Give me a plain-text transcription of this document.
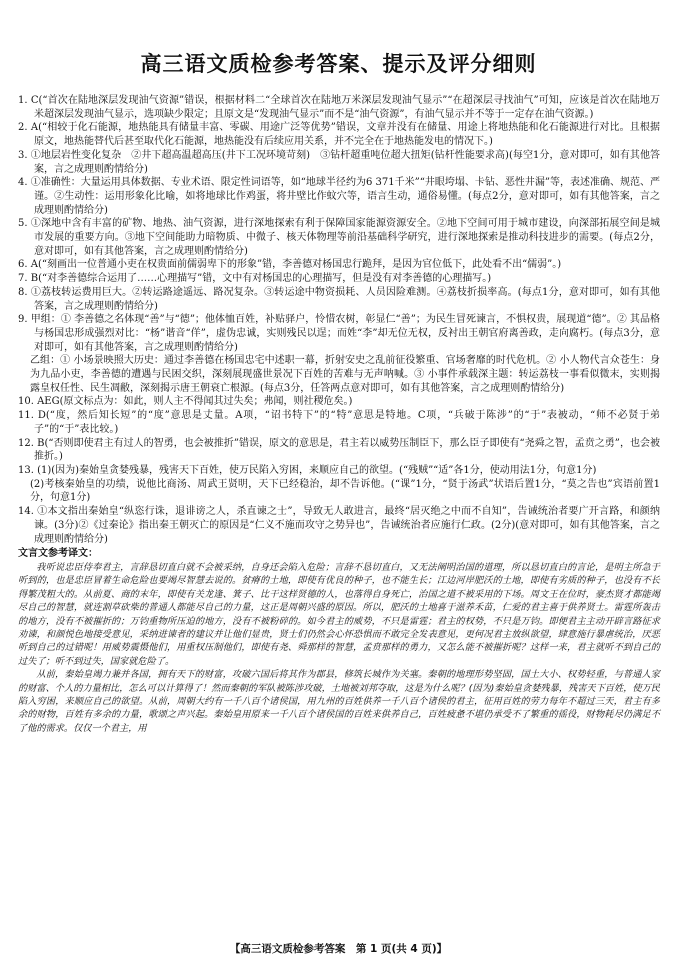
高三语文质检参考答案、提示及评分细则

1. C(“首次在陆地深层发现油气资源”错误，根据材料二“全球首次在陆地万米深层发现油气显示”“在超深层寻找油气”可知，应该是首次在陆地万米超深层发现油气显示，选项缺少限定；且原文是“发现油气显示”而不是“油气资源”，有油气显示并不等于一定存在油气资源。)

2. A(“相较于化石能源，地热能具有储量丰富、零碳、用途广泛等优势”错误，文章并没有在储量、用途上将地热能和化石能源进行对比。且根据原文，地热能替代后甚至取代化石能源，地热能没有后续应用关系，并不完全在于地热能发电的情况下。)

3. ①地层岩性变化复杂　②井下超高温超高压(井下工况环境苛刻)　③钻杆超重吨位超大扭矩(钻杆性能要求高)(每空1分，意对即可，如有其他答案，言之成理则酌情给分)

4. ①准确性：大量运用具体数据、专业术语、限定性词语等，如“地球半径约为6 371千米”“井眼垮塌、卡钻、恶性井漏”等，表述准确、规范、严谨。②生动性：运用形象化比喻，如将地球比作鸡蛋，将井壁比作蚊穴等，语言生动，通俗易懂。(每点2分，意对即可，如有其他答案，言之成理则酌情给分)

5. ①深地中含有丰富的矿物、地热、油气资源，进行深地探索有利于保障国家能源资源安全。②地下空间可用于城市建设，向深部拓展空间是城市发展的重要方向。③地下空间能助力暗物质、中微子、核天体物理等前沿基础科学研究，进行深地探索是推动科技进步的需要。(每点2分，意对即可，如有其他答案，言之成理则酌情给分)

6. A(“刻画出一位普通小吏在权贵面前儒弱卑下的形象”错，李善德对杨国忠行跪拜，是因为官位低下，此处看不出“儒弱”。)

7. B(“对李善德综合运用了……心理描写”错，文中有对杨国忠的心理描写，但是没有对李善德的心理描写。)

8. ①荔枝转运费用巨大。②转运路途遥远、路况复杂。③转运途中物资损耗、人员因险难测。④荔枝折损率高。(每点1分，意对即可，如有其他答案，言之成理则酌情给分)

9. 甲组：① 李善德之名体现“善”与“德”；他体恤百姓，补贴驿户，怜惜农树，彰显仁“善”；为民生冒死谏言，不惧权贵，展现道“德”。② 其品格与杨国忠形成强烈对比：“杨”谐音“佯”，虚伪忠诚，实则残民以逞；而姓“李”却无位无权，反衬出王朝官府离善政，走向腐朽。(每点3分，意对即可，如有其他答案，言之成理则酌情给分)

乙组：① 小场景映照大历史：通过李善德在杨国忠宅中述职一幕，折射安史之乱前征役繁重、官场奢靡的时代危机。② 小人物代言众苍生：身为九品小吏，李善德的遭遇与民困交织，深刻展现盛世景况下百姓的苦难与无声呐喊。③ 小事件承载深主题：转运荔枝一事看似微末，实则揭露皇权任性、民生凋敝，深刻揭示唐王朝衰亡根源。(每点3分，任答两点意对即可，如有其他答案，言之成理则酌情给分)

10. AEG(原文标点为：如此，则人主不得闻其过失矣；弗闻，则社稷危矣。)

11. D(“度，然后知长短”的“度”意思是丈量。A项，“诏书特下”的“特”意思是特地。C项，“兵破于陈涉”的“于”表被动，“师不必贤于弟子”的“于”表比较。)

12. B(“否则即使君主有过人的智勇，也会被推折”错误，原文的意思是，君主若以威势压制臣下，那么臣子即使有“尧舜之智，孟贲之勇”，也会被推折。)

13. (1)(因为)秦始皇贪婪残暴，残害天下百姓，使万民陷入穷困，来顺应自己的欲望。(“残贼”“适”各1分，使动用法1分，句意1分)

(2)考核秦始皇的功绩，说他比商汤、周武王贤明，天下已经稳治，却不告诉他。(“课”1分，“贤于汤武”状语后置1分，“莫之告也”宾语前置1分，句意1分)

14. ①本文指出秦始皇“纵恣行诛，退诽谤之人，杀直谏之士”，导致无人敢进言，最终“居灭绝之中而不自知”，告诫统治者要广开言路，和颜纳谏。(3分)②《过秦论》指出秦王朝灭亡的原因是“仁义不施而攻守之势异也”，告诫统治者应施行仁政。(2分)(意对即可，如有其他答案，言之成理则酌情给分)

文言文参考译文：

我听说忠臣侍奉君主，言辞恳切直白就不会被采纳，自身还会陷入危险；言辞不恳切直白，又无法阐明治国的道理，所以恳切直白的言论，是明主所急于听到的，也是忠臣冒着生命危险也要竭尽智慧去说的。贫瘠的土地，即使有优良的种子，也不能生长；江边河岸肥沃的土地，即使有劣质的种子，也没有不长得繁茂粗大的。从前夏、商的末年，即使有关龙逢、箕子、比干这样贤德的人，也落得自身死亡，治国之道不被采用的下场。周文王在位时，豪杰贤才都能竭尽自己的智慧，就连割草砍柴的普通人都能尽自己的力量，这正是周朝兴盛的原因。所以，肥沃的土地喜于滋养禾苗，仁爱的君主喜于供养贤士。雷霆所轰击的地方，没有不被摧折的；万钧重物所压迫的地方，没有不被粉碎的。如今君主的威势，不只是雷霆；君主的权势，不只是万钧。即便君主主动开辟言路征求劝谏，和颜悦色地接受意见，采纳进谏者的建议并让他们显贵，贤士们仍然会心怀恐惧而不敢完全发表意见，更何况君主放纵欲望，肆意施行暴虐统治，厌恶听到自己的过错呢！用威势震慑他们，用重权压制他们，即使有尧、舜那样的智慧，孟贲那样的勇力，又怎么能不被摧折呢？这样一来，君主就听不到自己的过失了；听不到过失，国家就危险了。

从前，秦始皇竭力兼并各国，拥有天下的财富，攻破六国后将其作为郡县，修筑长城作为关塞。秦朝的地理形势坚固，国土大小、权势轻重，与普通人家的财富、个人的力量相比，怎么可以计算得了！然而秦朝的军队被陈涉攻破，土地被刘邦夺取，这是为什么呢？(因为)秦始皇贪婪残暴，残害天下百姓，使万民陷入穷困，来顺应自己的欲望。从前，周朝大约有一千八百个诸侯国，用九州的百姓供养一千八百个诸侯的君主，征用百姓的劳力每年不超过三天，君主有多余的财物，百姓有多余的力量，歌颂之声兴起。秦始皇用原来一千八百个诸侯国的百姓来供养自己，百姓疲惫不堪仍承受不了繁重的徭役，财物耗尽仍满足不了他的需求。仅仅一个君主，用

【高三语文质检参考答案　第 1 页(共 4 页)】
